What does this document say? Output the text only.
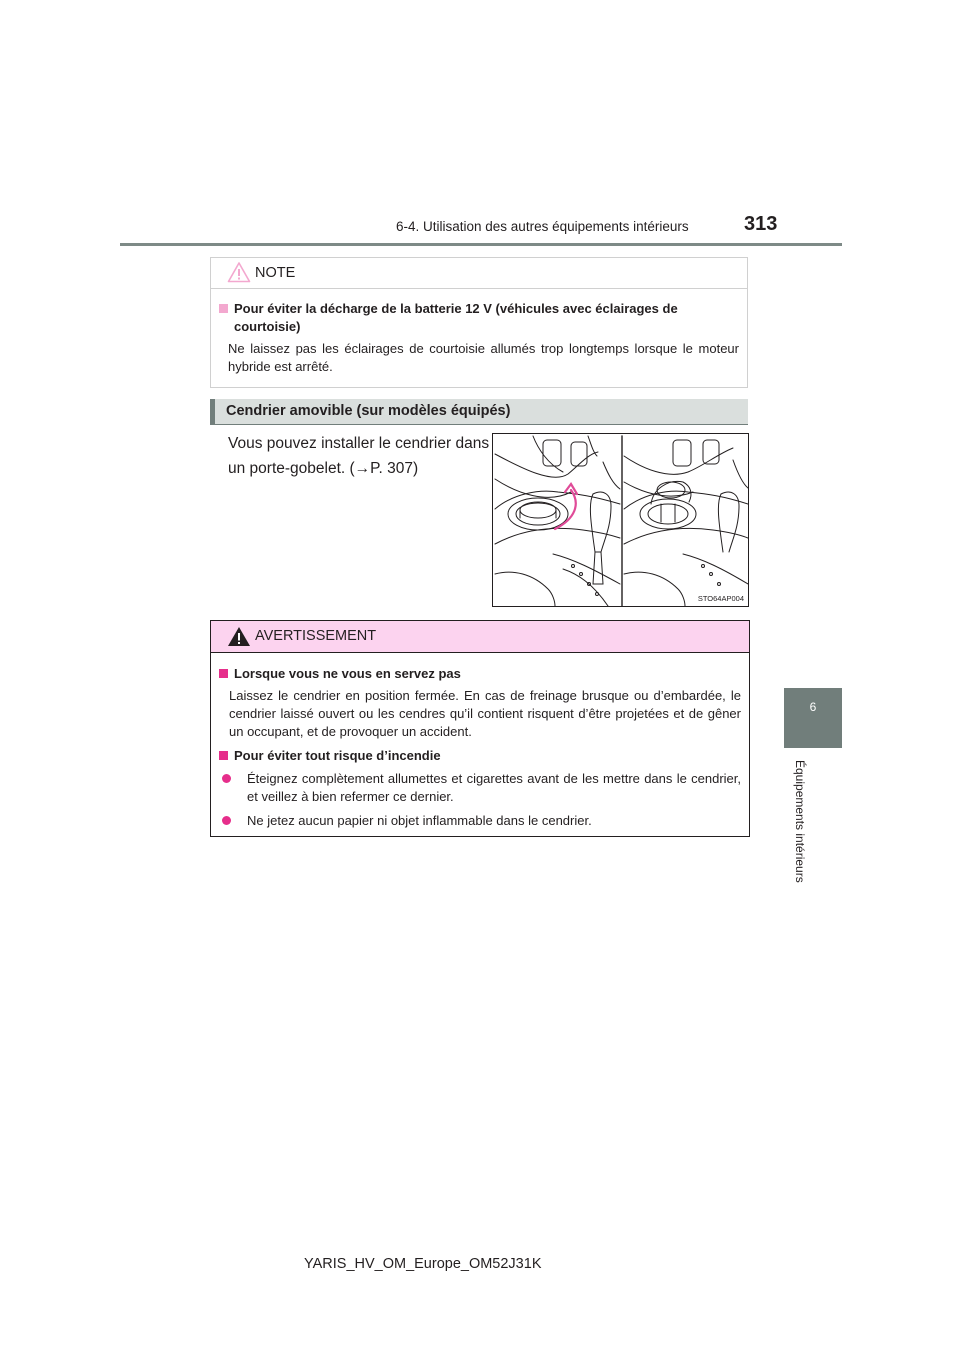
6-4. Utilisation des autres équipements intérieurs	313
6
Équipements intérieurs
NOTE
Pour éviter la décharge de la batterie 12 V (véhicules avec éclairages de courtoisie)
Ne laissez pas les éclairages de courtoisie allumés trop longtemps lorsque le moteur hybride est arrêté.
Cendrier amovible (sur modèles équipés)
Vous pouvez installer le cendrier dans
un porte-gobelet. (→P. 307)
STO64AP004
AVERTISSEMENT
Lorsque vous ne vous en servez pas
Laissez le cendrier en position fermée. En cas de freinage brusque ou d’embardée, le cendrier laissé ouvert ou les cendres qu’il contient risquent d’être projetées et de gêner un occupant, et de provoquer un accident.
Pour éviter tout risque d’incendie
Éteignez complètement allumettes et cigarettes avant de les mettre dans le cendrier, et veillez à bien refermer ce dernier.
Ne jetez aucun papier ni objet inflammable dans le cendrier.
YARIS_HV_OM_Europe_OM52J31K
